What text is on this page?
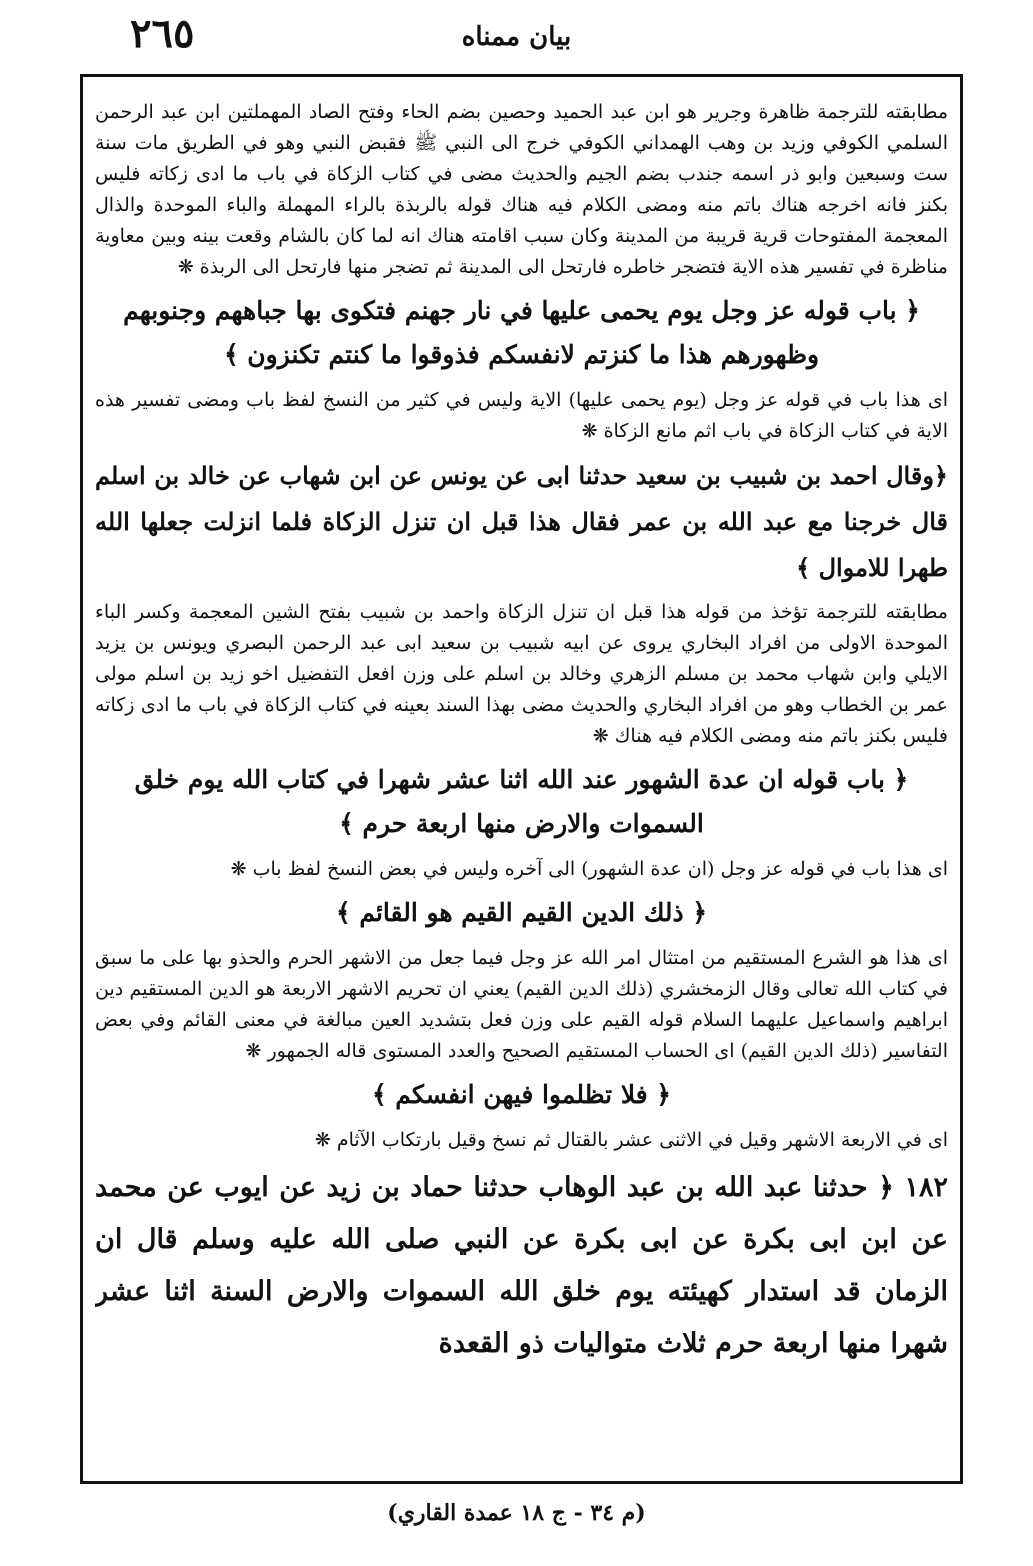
٢٦٥	بيان ممناه

مطابقته للترجمة ظاهرة وجرير هو ابن عبد الحميد وحصين بضم الحاء وفتح الصاد المهملتين ابن عبد الرحمن السلمي الكوفي وزيد بن وهب الهمداني الكوفي خرج الى النبي ﷺ فقبض النبي وهو في الطريق مات سنة ست وسبعين وابو ذر اسمه جندب بضم الجيم والحديث مضى في كتاب الزكاة في باب ما ادى زكاته فليس بكنز فانه اخرجه هناك باتم منه ومضى الكلام فيه هناك قوله بالربذة بالراء المهملة والباء الموحدة والذال المعجمة المفتوحات قرية قريبة من المدينة وكان سبب اقامته هناك انه لما كان بالشام وقعت بينه وبين معاوية مناظرة في تفسير هذه الاية فتضجر خاطره فارتحل الى المدينة ثم تضجر منها فارتحل الى الربذة ❋

﴿ باب قوله عز وجل يوم يحمى عليها في نار جهنم فتكوى بها جباههم وجنوبهم وظهورهم هذا ما كنزتم لانفسكم فذوقوا ما كنتم تكنزون ﴾

اى هذا باب في قوله عز وجل (يوم يحمى عليها) الاية وليس في كثير من النسخ لفظ باب ومضى تفسير هذه الاية في كتاب الزكاة في باب اثم مانع الزكاة ❋

﴿وقال احمد بن شبيب بن سعيد حدثنا ابى عن يونس عن ابن شهاب عن خالد بن اسلم قال خرجنا مع عبد الله بن عمر فقال هذا قبل ان تنزل الزكاة فلما انزلت جعلها الله طهرا للاموال ﴾

مطابقته للترجمة تؤخذ من قوله هذا قبل ان تنزل الزكاة واحمد بن شبيب بفتح الشين المعجمة وكسر الباء الموحدة الاولى من افراد البخاري يروى عن ابيه شبيب بن سعيد ابى عبد الرحمن البصري ويونس بن يزيد الايلي وابن شهاب محمد بن مسلم الزهري وخالد بن اسلم على وزن افعل التفضيل اخو زيد بن اسلم مولى عمر بن الخطاب وهو من افراد البخاري والحديث مضى بهذا السند بعينه في كتاب الزكاة في باب ما ادى زكاته فليس بكنز باتم منه ومضى الكلام فيه هناك ❋

﴿ باب قوله ان عدة الشهور عند الله اثنا عشر شهرا في كتاب الله يوم خلق السموات والارض منها اربعة حرم ﴾

اى هذا باب في قوله عز وجل (ان عدة الشهور) الى آخره وليس في بعض النسخ لفظ باب ❋

﴿ ذلك الدين القيم القيم هو القائم ﴾

اى هذا هو الشرع المستقيم من امتثال امر الله عز وجل فيما جعل من الاشهر الحرم والحذو بها على ما سبق في كتاب الله تعالى وقال الزمخشري (ذلك الدين القيم) يعني ان تحريم الاشهر الاربعة هو الدين المستقيم دين ابراهيم واسماعيل عليهما السلام قوله القيم على وزن فعل بتشديد العين مبالغة في معنى القائم وفي بعض التفاسير (ذلك الدين القيم) اى الحساب المستقيم الصحيح والعدد المستوى قاله الجمهور ❋

﴿ فلا تظلموا فيهن انفسكم ﴾

اى في الاربعة الاشهر وقيل في الاثنى عشر بالقتال ثم نسخ وقيل بارتكاب الآثام ❋

١٨٢ ﴿ حدثنا عبد الله بن عبد الوهاب حدثنا حماد بن زيد عن ايوب عن محمد عن ابن ابى بكرة عن ابى بكرة عن النبي صلى الله عليه وسلم قال ان الزمان قد استدار كهيئته يوم خلق الله السموات والارض السنة اثنا عشر شهرا منها اربعة حرم ثلاث متواليات ذو القعدة

(م ٣٤ - ج ١٨ عمدة القاري)
